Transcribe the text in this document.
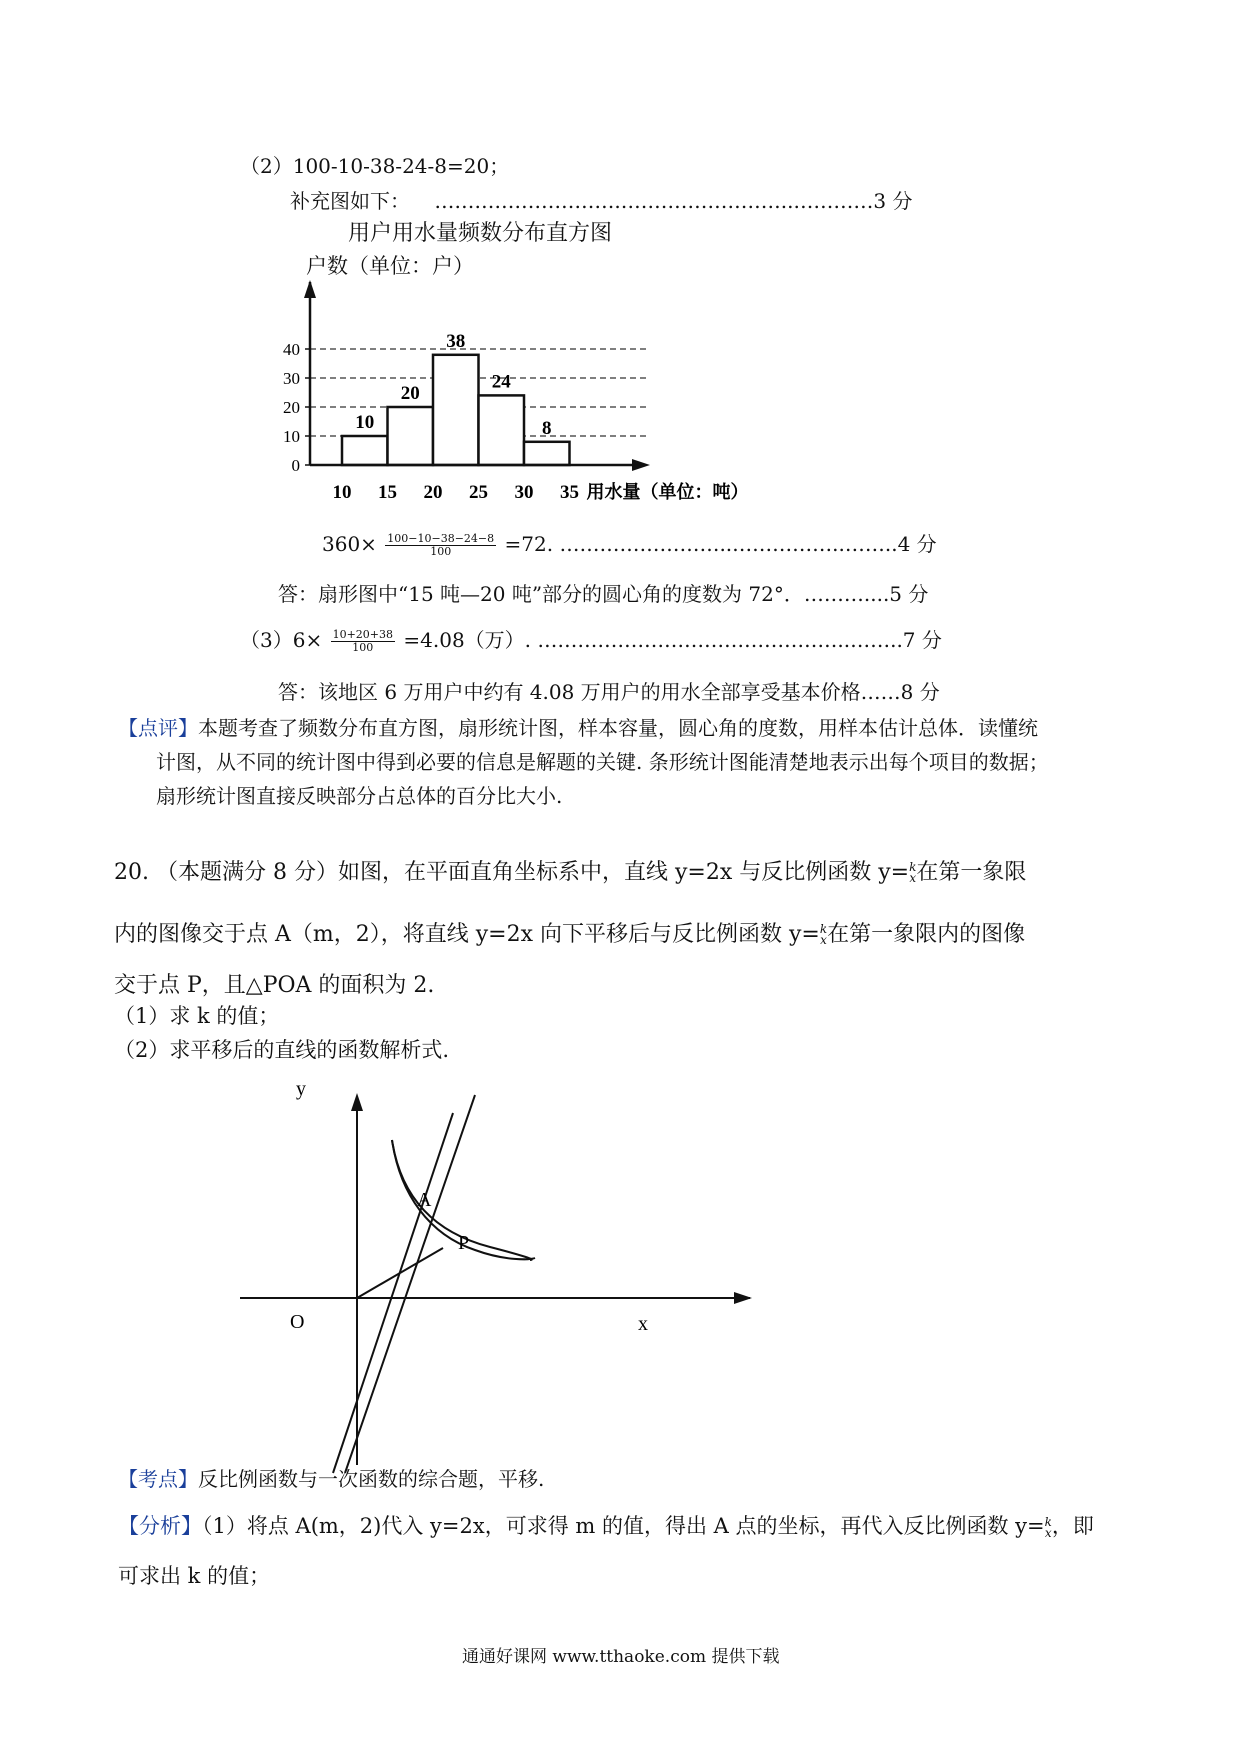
（2）100-10-38-24-8=20；
补充图如下： ……………………….……………………..…………3 分
用户用水量频数分布直方图
户数（单位：户）
10
20
38
24
8
10 15 20 25 30 35 用水量（单位：吨）
0
10
20
30
40
$360\times \frac{100-10-38-24-8}{100} =72$. ……………………..……………..……..4 分
答：扇形图中“15 吨—20 吨”部分的圆心角的度数为 72°．………....5 分
$(3)6\times \frac{10+20+38}{100} =4.08$（万）. ………………………………………..……..7 分
答：该地区 6 万用户中约有 4.08 万用户的用水全部享受基本价格……8 分
【点评】本题考查了频数分布直方图，扇形统计图，样本容量，圆心角的度数，用样本估计总体．读懂统
计图，从不同的统计图中得到必要的信息是解题的关键. 条形统计图能清楚地表示出每个项目的数据；
扇形统计图直接反映部分占总体的百分比大小.
20. （本题满分 8 分）如图，在平面直角坐标系中，直线 y=2x 与反比例函数 y= k
x 在第一象限
内的图像交于点 A（m，2），将直线 y=2x 向下平移后与反比例函数 y= k
x 在第一象限内的图像
交于点 P，且△POA 的面积为 2.
（1）求 k 的值；
（2）求平移后的直线的函数解析式.
y
x
O
A
P
【考点】反比例函数与一次函数的综合题，平移.
【分析】（1）将点 A(m，2)代入 y=2x，可求得 m 的值，得出 A 点的坐标，再代入反比例函数 y= k
x ，即
可求出 k 的值；
通通好课网 www.tthaoke.com 提供下载
